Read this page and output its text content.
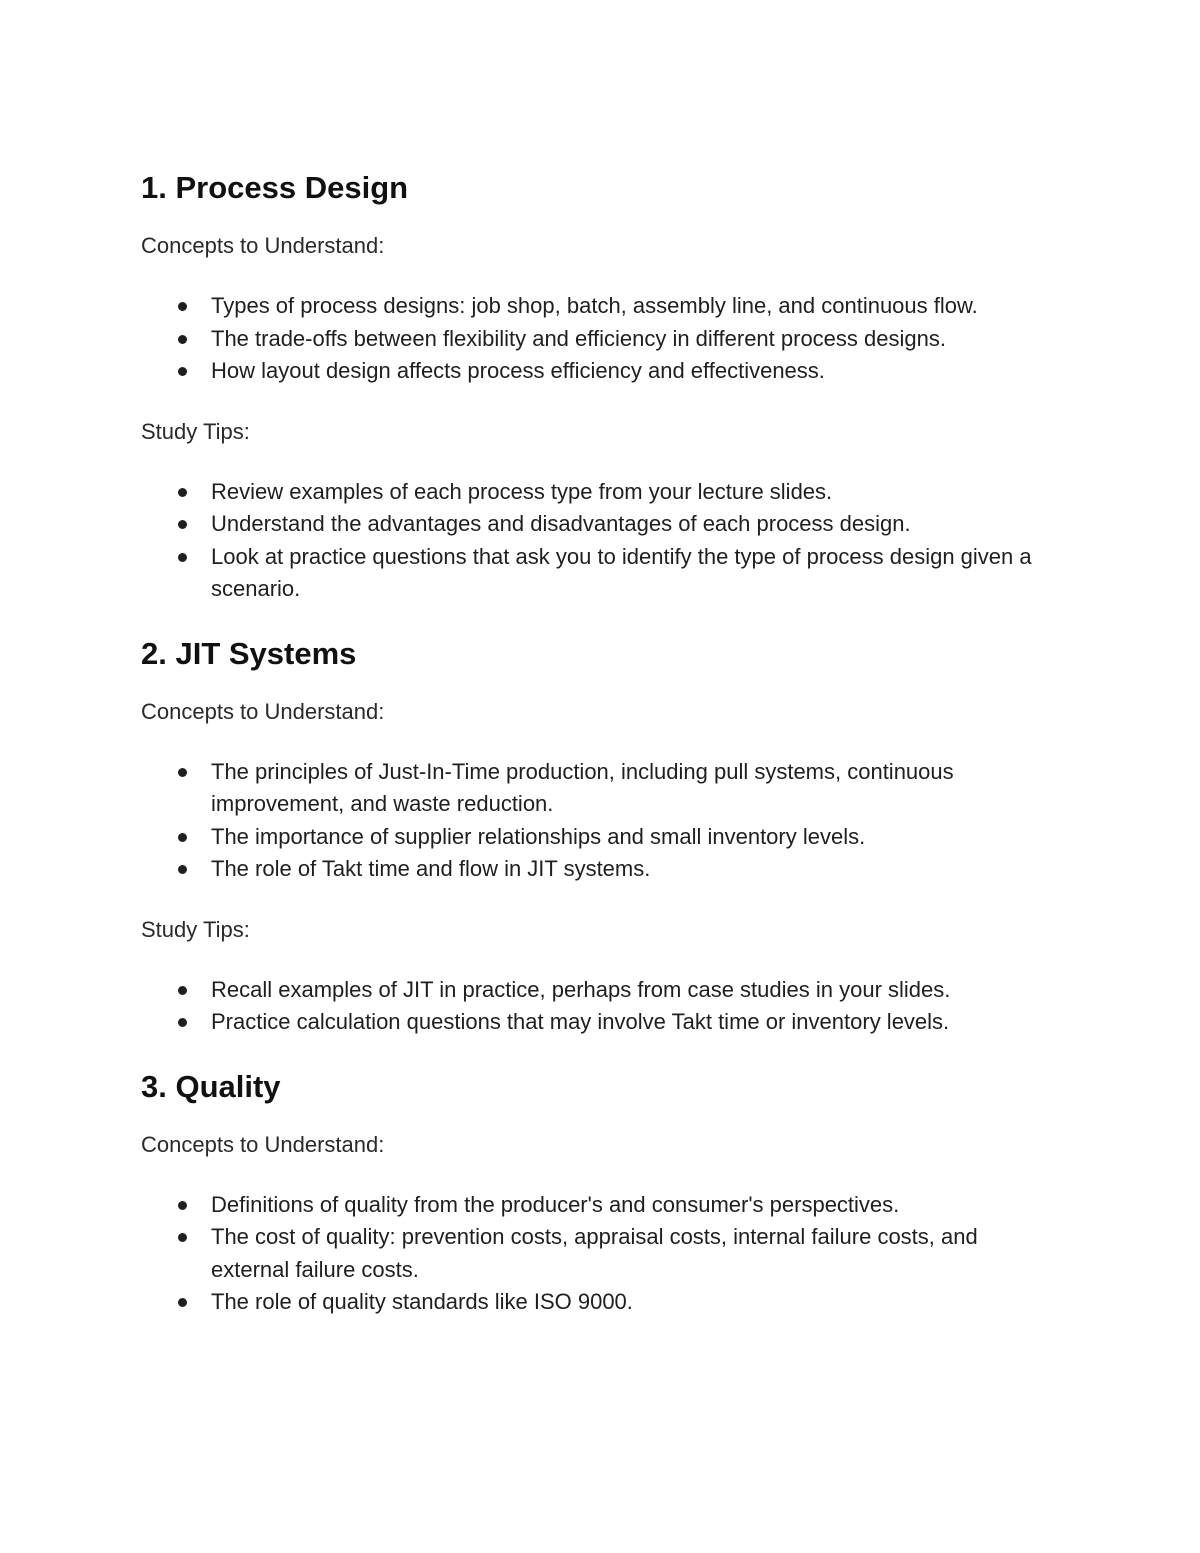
1. Process Design
Concepts to Understand:
Types of process designs: job shop, batch, assembly line, and continuous flow.
The trade-offs between flexibility and efficiency in different process designs.
How layout design affects process efficiency and effectiveness.
Study Tips:
Review examples of each process type from your lecture slides.
Understand the advantages and disadvantages of each process design.
Look at practice questions that ask you to identify the type of process design given a scenario.
2. JIT Systems
Concepts to Understand:
The principles of Just-In-Time production, including pull systems, continuous improvement, and waste reduction.
The importance of supplier relationships and small inventory levels.
The role of Takt time and flow in JIT systems.
Study Tips:
Recall examples of JIT in practice, perhaps from case studies in your slides.
Practice calculation questions that may involve Takt time or inventory levels.
3. Quality
Concepts to Understand:
Definitions of quality from the producer's and consumer's perspectives.
The cost of quality: prevention costs, appraisal costs, internal failure costs, and external failure costs.
The role of quality standards like ISO 9000.
